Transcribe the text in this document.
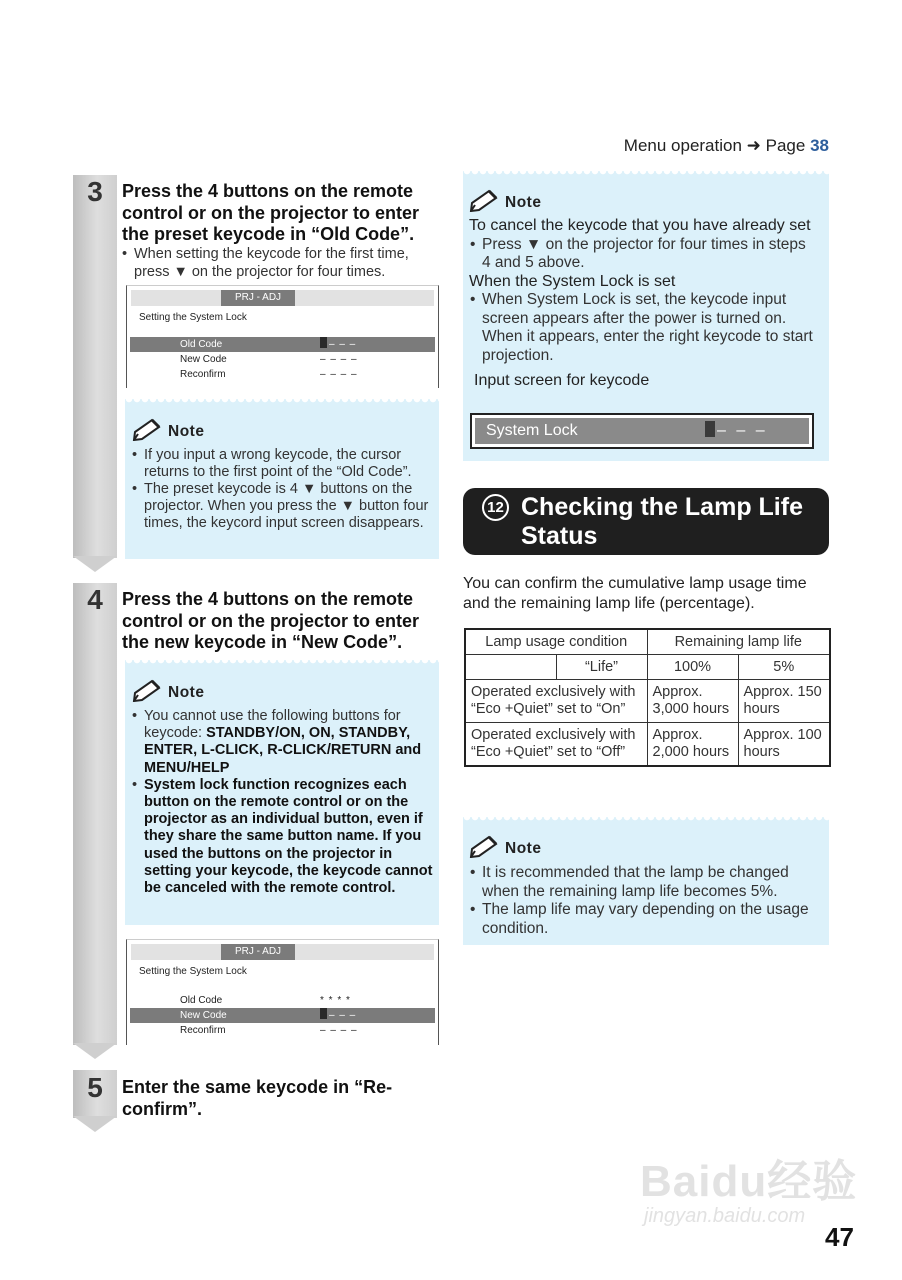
Menu operation ➜ Page 38
3	Press the 4 buttons on the remote control or on the projector to enter the preset keycode in “Old Code”.
• When setting the keycode for the first time, press ▼ on the projector for four times.
PRJ - ADJ
Setting the System Lock
Old Code	– – –
New Code	– – – –
Reconfirm	– – – –
Note
• If you input a wrong keycode, the cursor returns to the first point of the “Old Code”.
• The preset keycode is 4 ▼ buttons on the projector. When you press the ▼ button four times, the keycord input screen disappears.
4	Press the 4 buttons on the remote control or on the projector to enter the new keycode in “New Code”.
Note
• You cannot use the following buttons for keycode: STANDBY/ON, ON, STANDBY, ENTER, L-CLICK, R-CLICK/RETURN and MENU/HELP
• System lock function recognizes each button on the remote control or on the projector as an individual button, even if they share the same button name. If you used the buttons on the projector in setting your keycode, the keycode cannot be canceled with the remote control.
PRJ - ADJ
Setting the System Lock
Old Code	* * * *
New Code	– – –
Reconfirm	– – – –
5	Enter the same keycode in “Re-confirm”.
Note
To cancel the keycode that you have already set
• Press ▼ on the projector for four times in steps 4 and 5 above.
When the System Lock is set
• When System Lock is set, the keycode input screen appears after the power is turned on. When it appears, enter the right keycode to start projection.
Input screen for keycode
System Lock	– – –
12 Checking the Lamp Life Status
You can confirm the cumulative lamp usage time and the remaining lamp life (percentage).
Lamp usage condition		Remaining lamp life	
	“Life”	100%	5%
Operated exclusively with “Eco +Quiet” set to “On”		Approx. 3,000 hours	Approx. 150 hours
Operated exclusively with “Eco +Quiet” set to “Off”		Approx. 2,000 hours	Approx. 100 hours
Note
• It is recommended that the lamp be changed when the remaining lamp life becomes 5%.
• The lamp life may vary depending on the usage condition.
Baidu经验
jingyan.baidu.com
47
